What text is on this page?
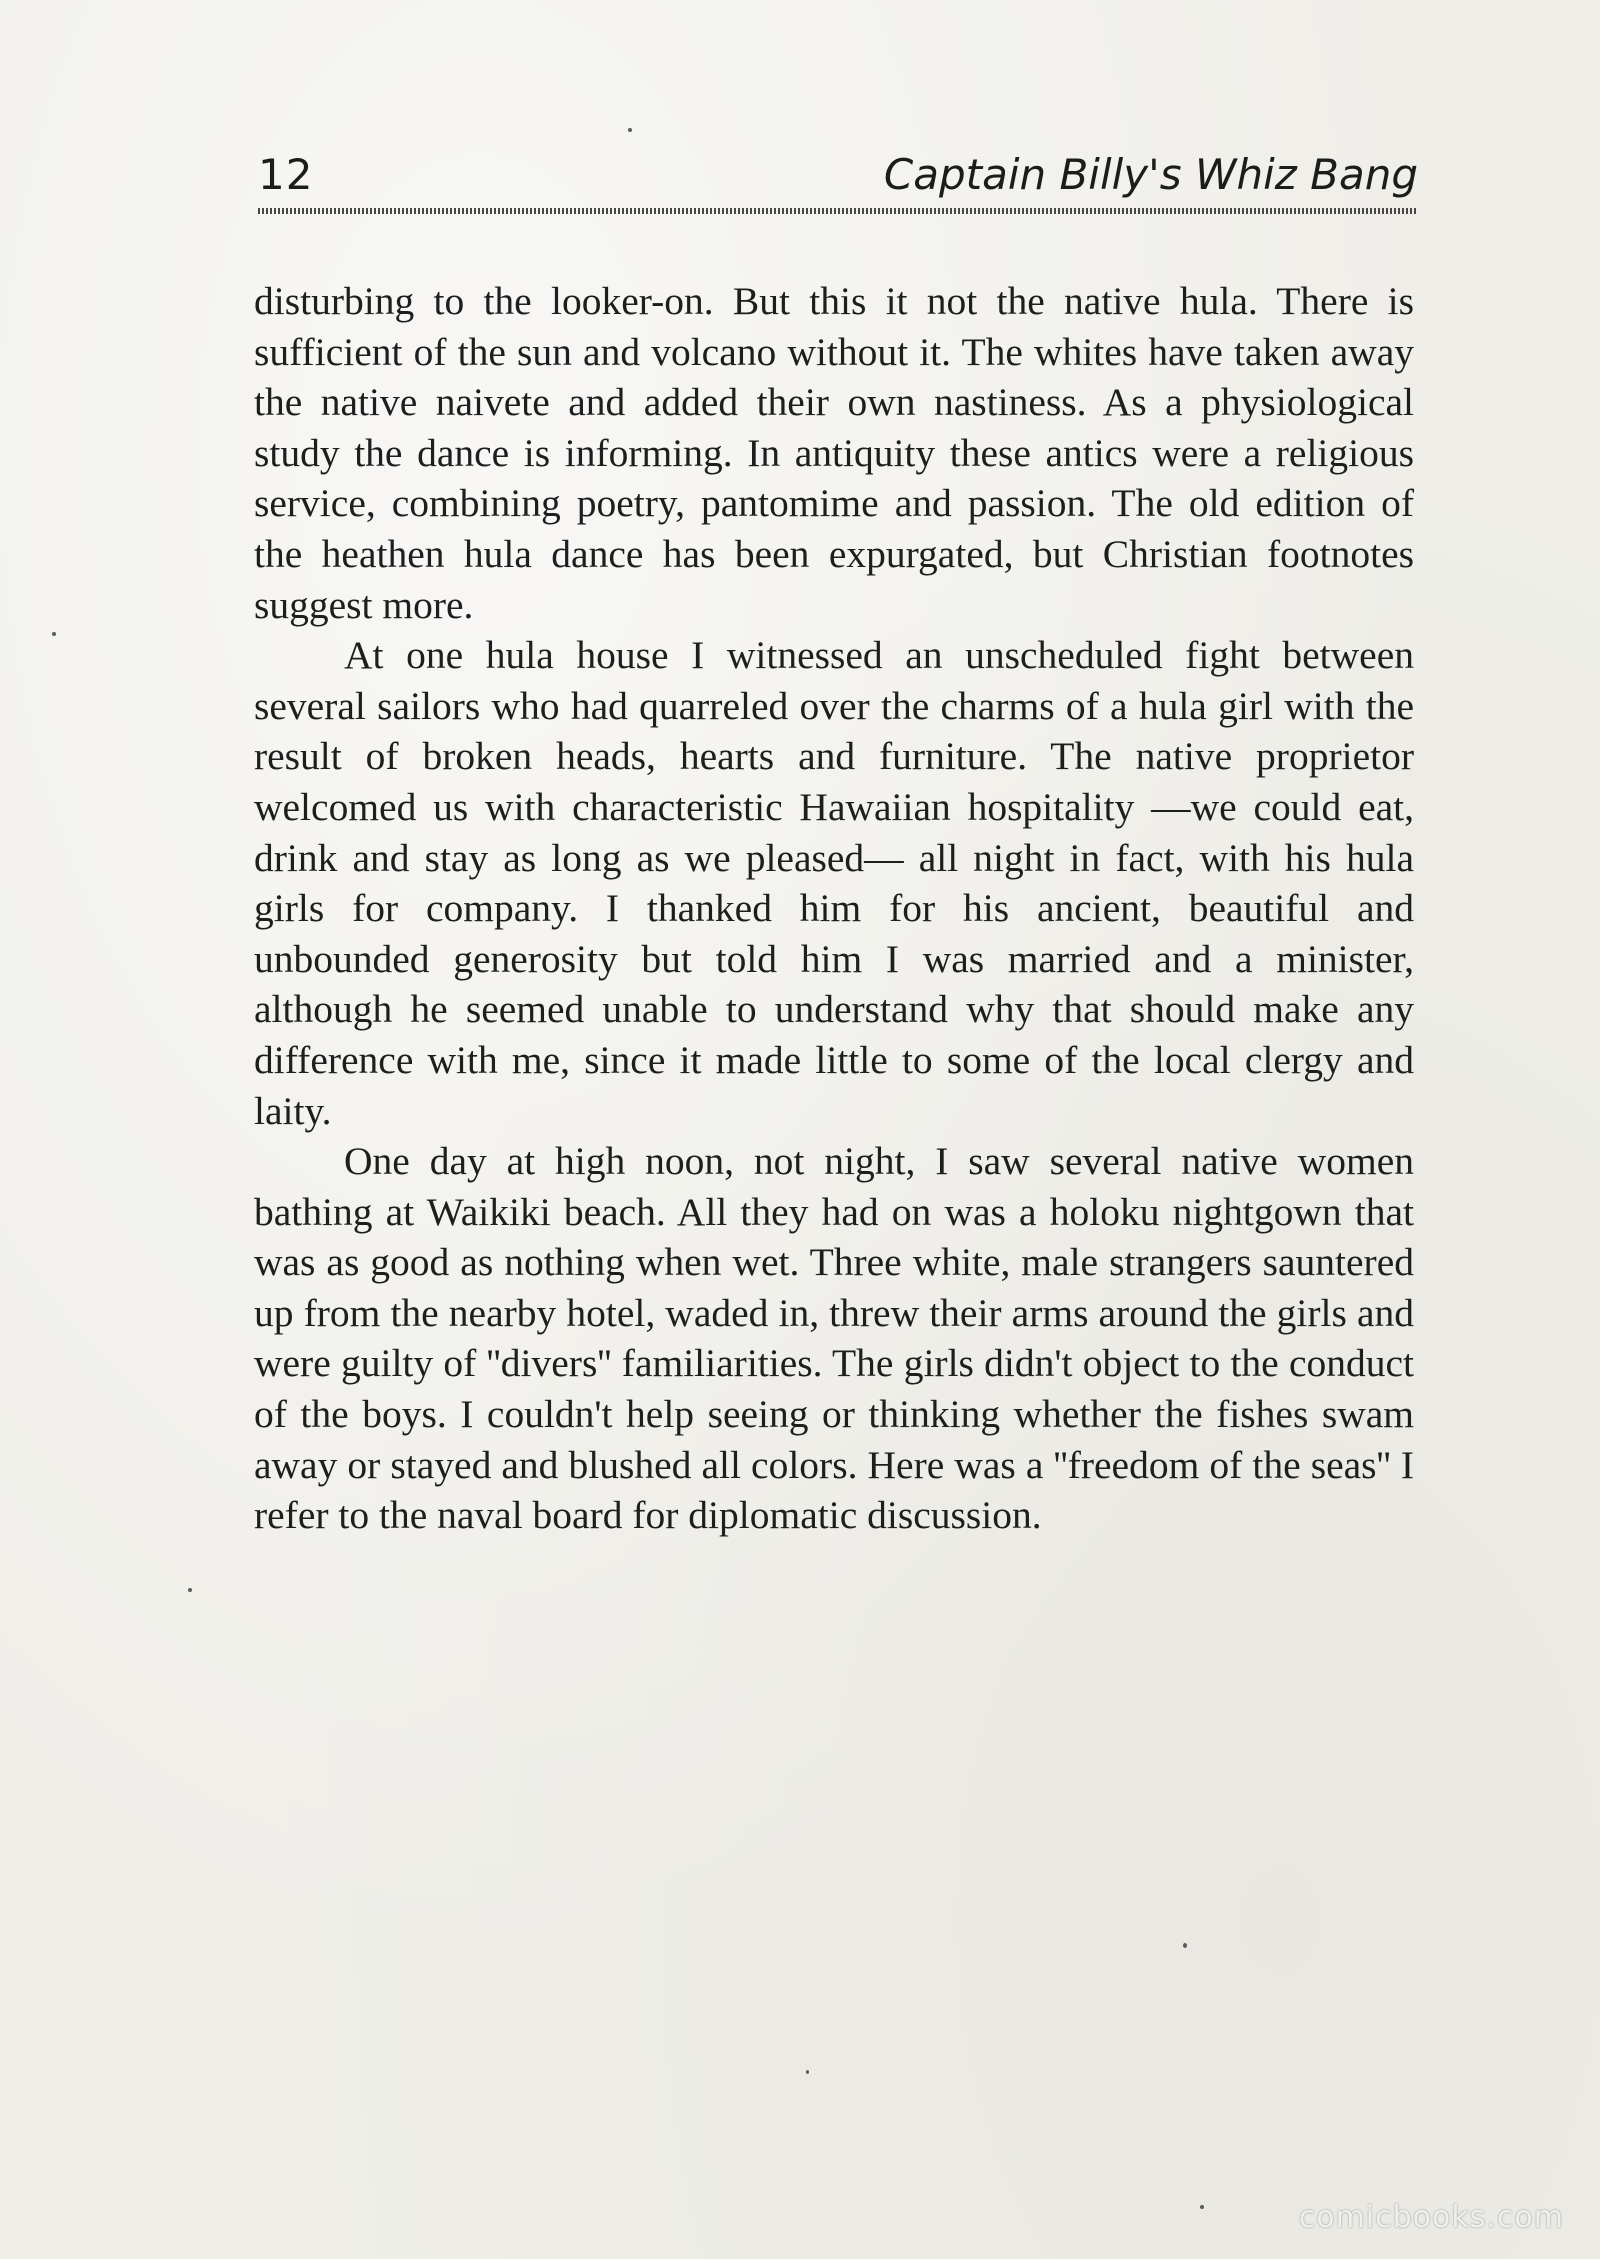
12	Captain Billy's Whiz Bang

disturbing to the looker-on. But this it not the native hula. There is sufficient of the sun and volcano without it. The whites have taken away the native naivete and added their own nastiness. As a physiological study the dance is informing. In antiquity these antics were a religious service, combining poetry, pantomime and passion. The old edition of the heathen hula dance has been expurgated, but Christian footnotes suggest more.

At one hula house I witnessed an unscheduled fight between several sailors who had quarreled over the charms of a hula girl with the result of broken heads, hearts and furniture. The native proprietor welcomed us with characteristic Hawaiian hospitality —we could eat, drink and stay as long as we pleased— all night in fact, with his hula girls for company. I thanked him for his ancient, beautiful and unbounded generosity but told him I was married and a minister, although he seemed unable to understand why that should make any difference with me, since it made little to some of the local clergy and laity.

One day at high noon, not night, I saw several native women bathing at Waikiki beach. All they had on was a holoku nightgown that was as good as nothing when wet. Three white, male strangers sauntered up from the nearby hotel, waded in, threw their arms around the girls and were guilty of ''divers'' familiarities. The girls didn't object to the conduct of the boys. I couldn't help seeing or thinking whether the fishes swam away or stayed and blushed all colors. Here was a ''freedom of the seas'' I refer to the naval board for diplomatic discussion.

comicbooks.com
